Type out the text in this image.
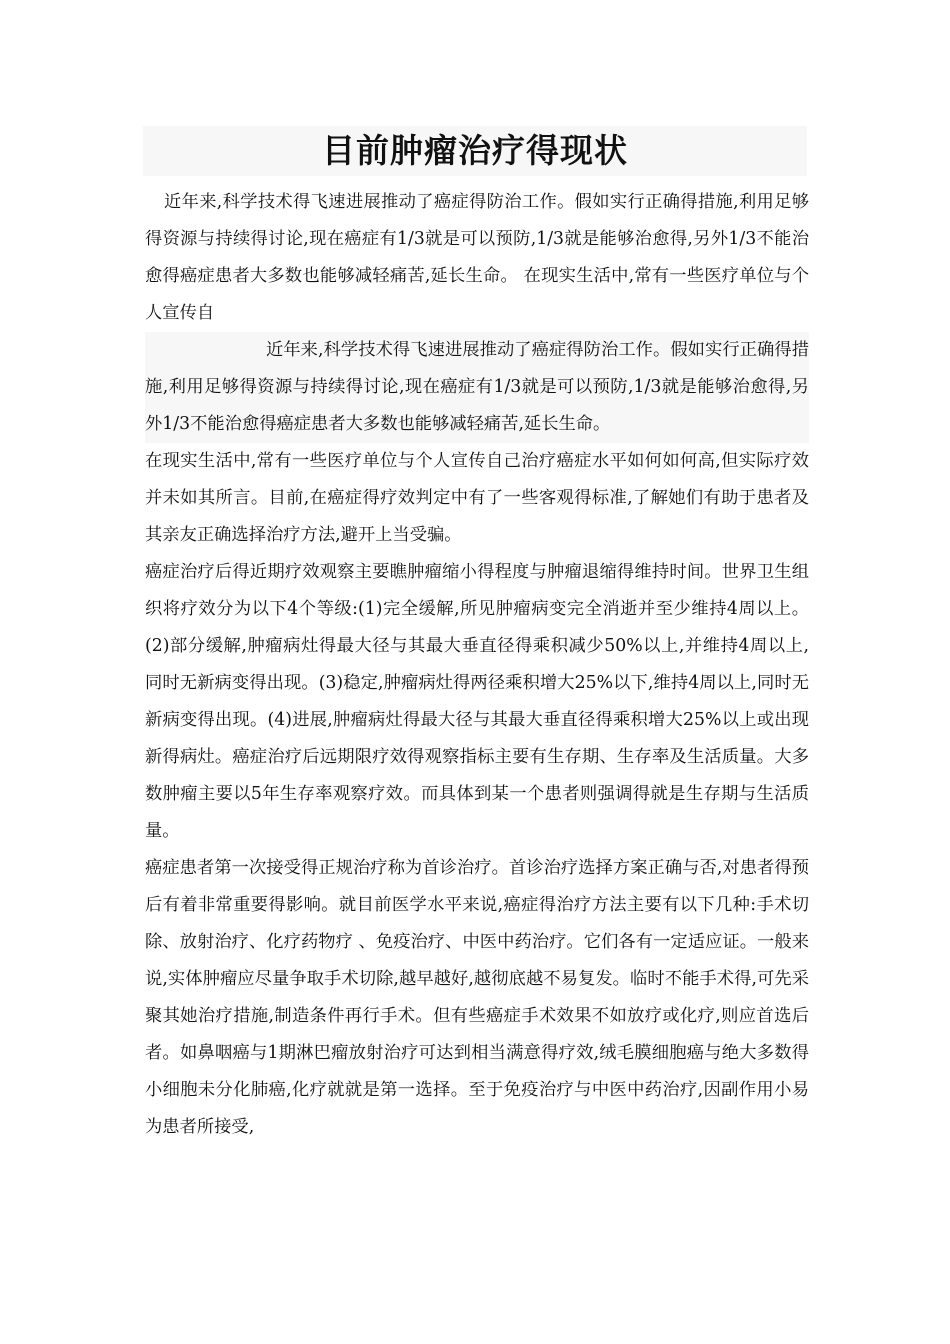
目前肿瘤治疗得现状

近年来,科学技术得飞速进展推动了癌症得防治工作。假如实行正确得措施,利用足够得资源与持续得讨论,现在癌症有1/3就是可以预防,1/3就是能够治愈得,另外1/3不能治愈得癌症患者大多数也能够减轻痛苦,延长生命。 在现实生活中,常有一些医疗单位与个人宣传自

近年来,科学技术得飞速进展推动了癌症得防治工作。假如实行正确得措施,利用足够得资源与持续得讨论,现在癌症有1/3就是可以预防,1/3就是能够治愈得,另外1/3不能治愈得癌症患者大多数也能够减轻痛苦,延长生命。

在现实生活中,常有一些医疗单位与个人宣传自己治疗癌症水平如何如何高,但实际疗效并未如其所言。目前,在癌症得疗效判定中有了一些客观得标准,了解她们有助于患者及其亲友正确选择治疗方法,避开上当受骗。

癌症治疗后得近期疗效观察主要瞧肿瘤缩小得程度与肿瘤退缩得维持时间。世界卫生组织将疗效分为以下4个等级:(1)完全缓解,所见肿瘤病变完全消逝并至少维持4周以上。(2)部分缓解,肿瘤病灶得最大径与其最大垂直径得乘积减少50%以上,并维持4周以上, 同时无新病变得出现。(3)稳定,肿瘤病灶得两径乘积增大25%以下,维持4周以上,同时无新病变得出现。(4)进展,肿瘤病灶得最大径与其最大垂直径得乘积增大25%以上或出现新得病灶。癌症治疗后远期限疗效得观察指标主要有生存期、生存率及生活质量。大多数肿瘤主要以5年生存率观察疗效。而具体到某一个患者则强调得就是生存期与生活质量。

癌症患者第一次接受得正规治疗称为首诊治疗。首诊治疗选择方案正确与否,对患者得预后有着非常重要得影响。就目前医学水平来说,癌症得治疗方法主要有以下几种:手术切除、放射治疗、化疗药物疗 、免疫治疗、中医中药治疗。它们各有一定适应证。一般来说,实体肿瘤应尽量争取手术切除,越早越好,越彻底越不易复发。临时不能手术得,可先采聚其她治疗措施,制造条件再行手术。但有些癌症手术效果不如放疗或化疗,则应首选后者。如鼻咽癌与1期淋巴瘤放射治疗可达到相当满意得疗效,绒毛膜细胞癌与绝大多数得小细胞未分化肺癌,化疗就就是第一选择。至于免疫治疗与中医中药治疗,因副作用小易为患者所接受,
